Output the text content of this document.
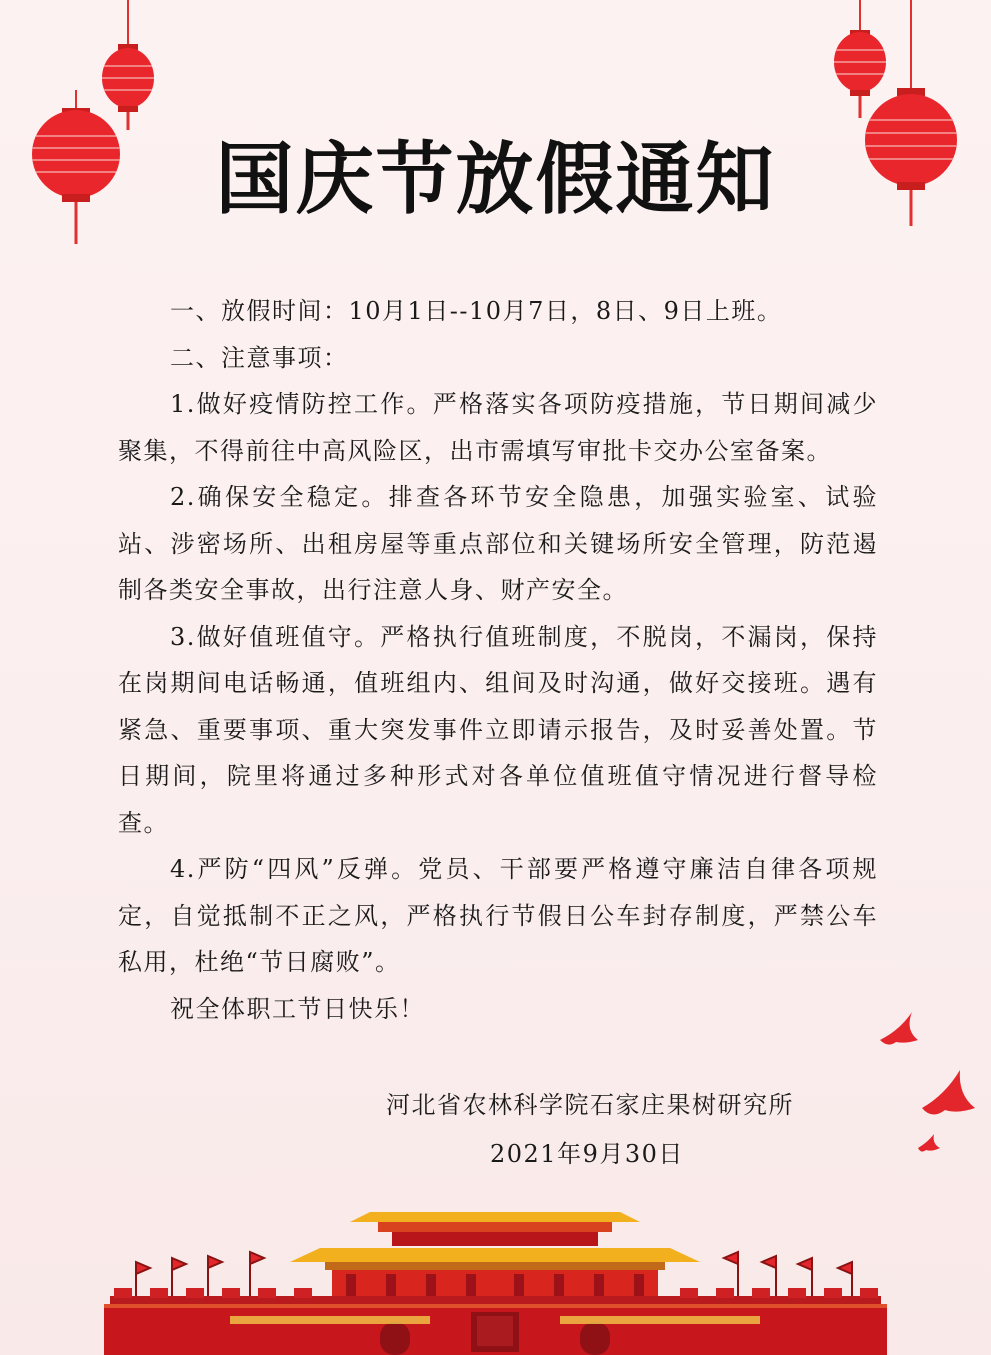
国庆节放假通知

一、放假时间：10月1日--10月7日，8日、9日上班。

二、注意事项：

1.做好疫情防控工作。严格落实各项防疫措施，节日期间减少聚集，不得前往中高风险区，出市需填写审批卡交办公室备案。

2.确保安全稳定。排查各环节安全隐患，加强实验室、试验站、涉密场所、出租房屋等重点部位和关键场所安全管理，防范遏制各类安全事故，出行注意人身、财产安全。

3.做好值班值守。严格执行值班制度，不脱岗，不漏岗，保持在岗期间电话畅通，值班组内、组间及时沟通，做好交接班。遇有紧急、重要事项、重大突发事件立即请示报告，及时妥善处置。节日期间，院里将通过多种形式对各单位值班值守情况进行督导检查。

4.严防“四风”反弹。党员、干部要严格遵守廉洁自律各项规定，自觉抵制不正之风，严格执行节假日公车封存制度，严禁公车私用，杜绝“节日腐败”。

祝全体职工节日快乐！

河北省农林科学院石家庄果树研究所
2021年9月30日
